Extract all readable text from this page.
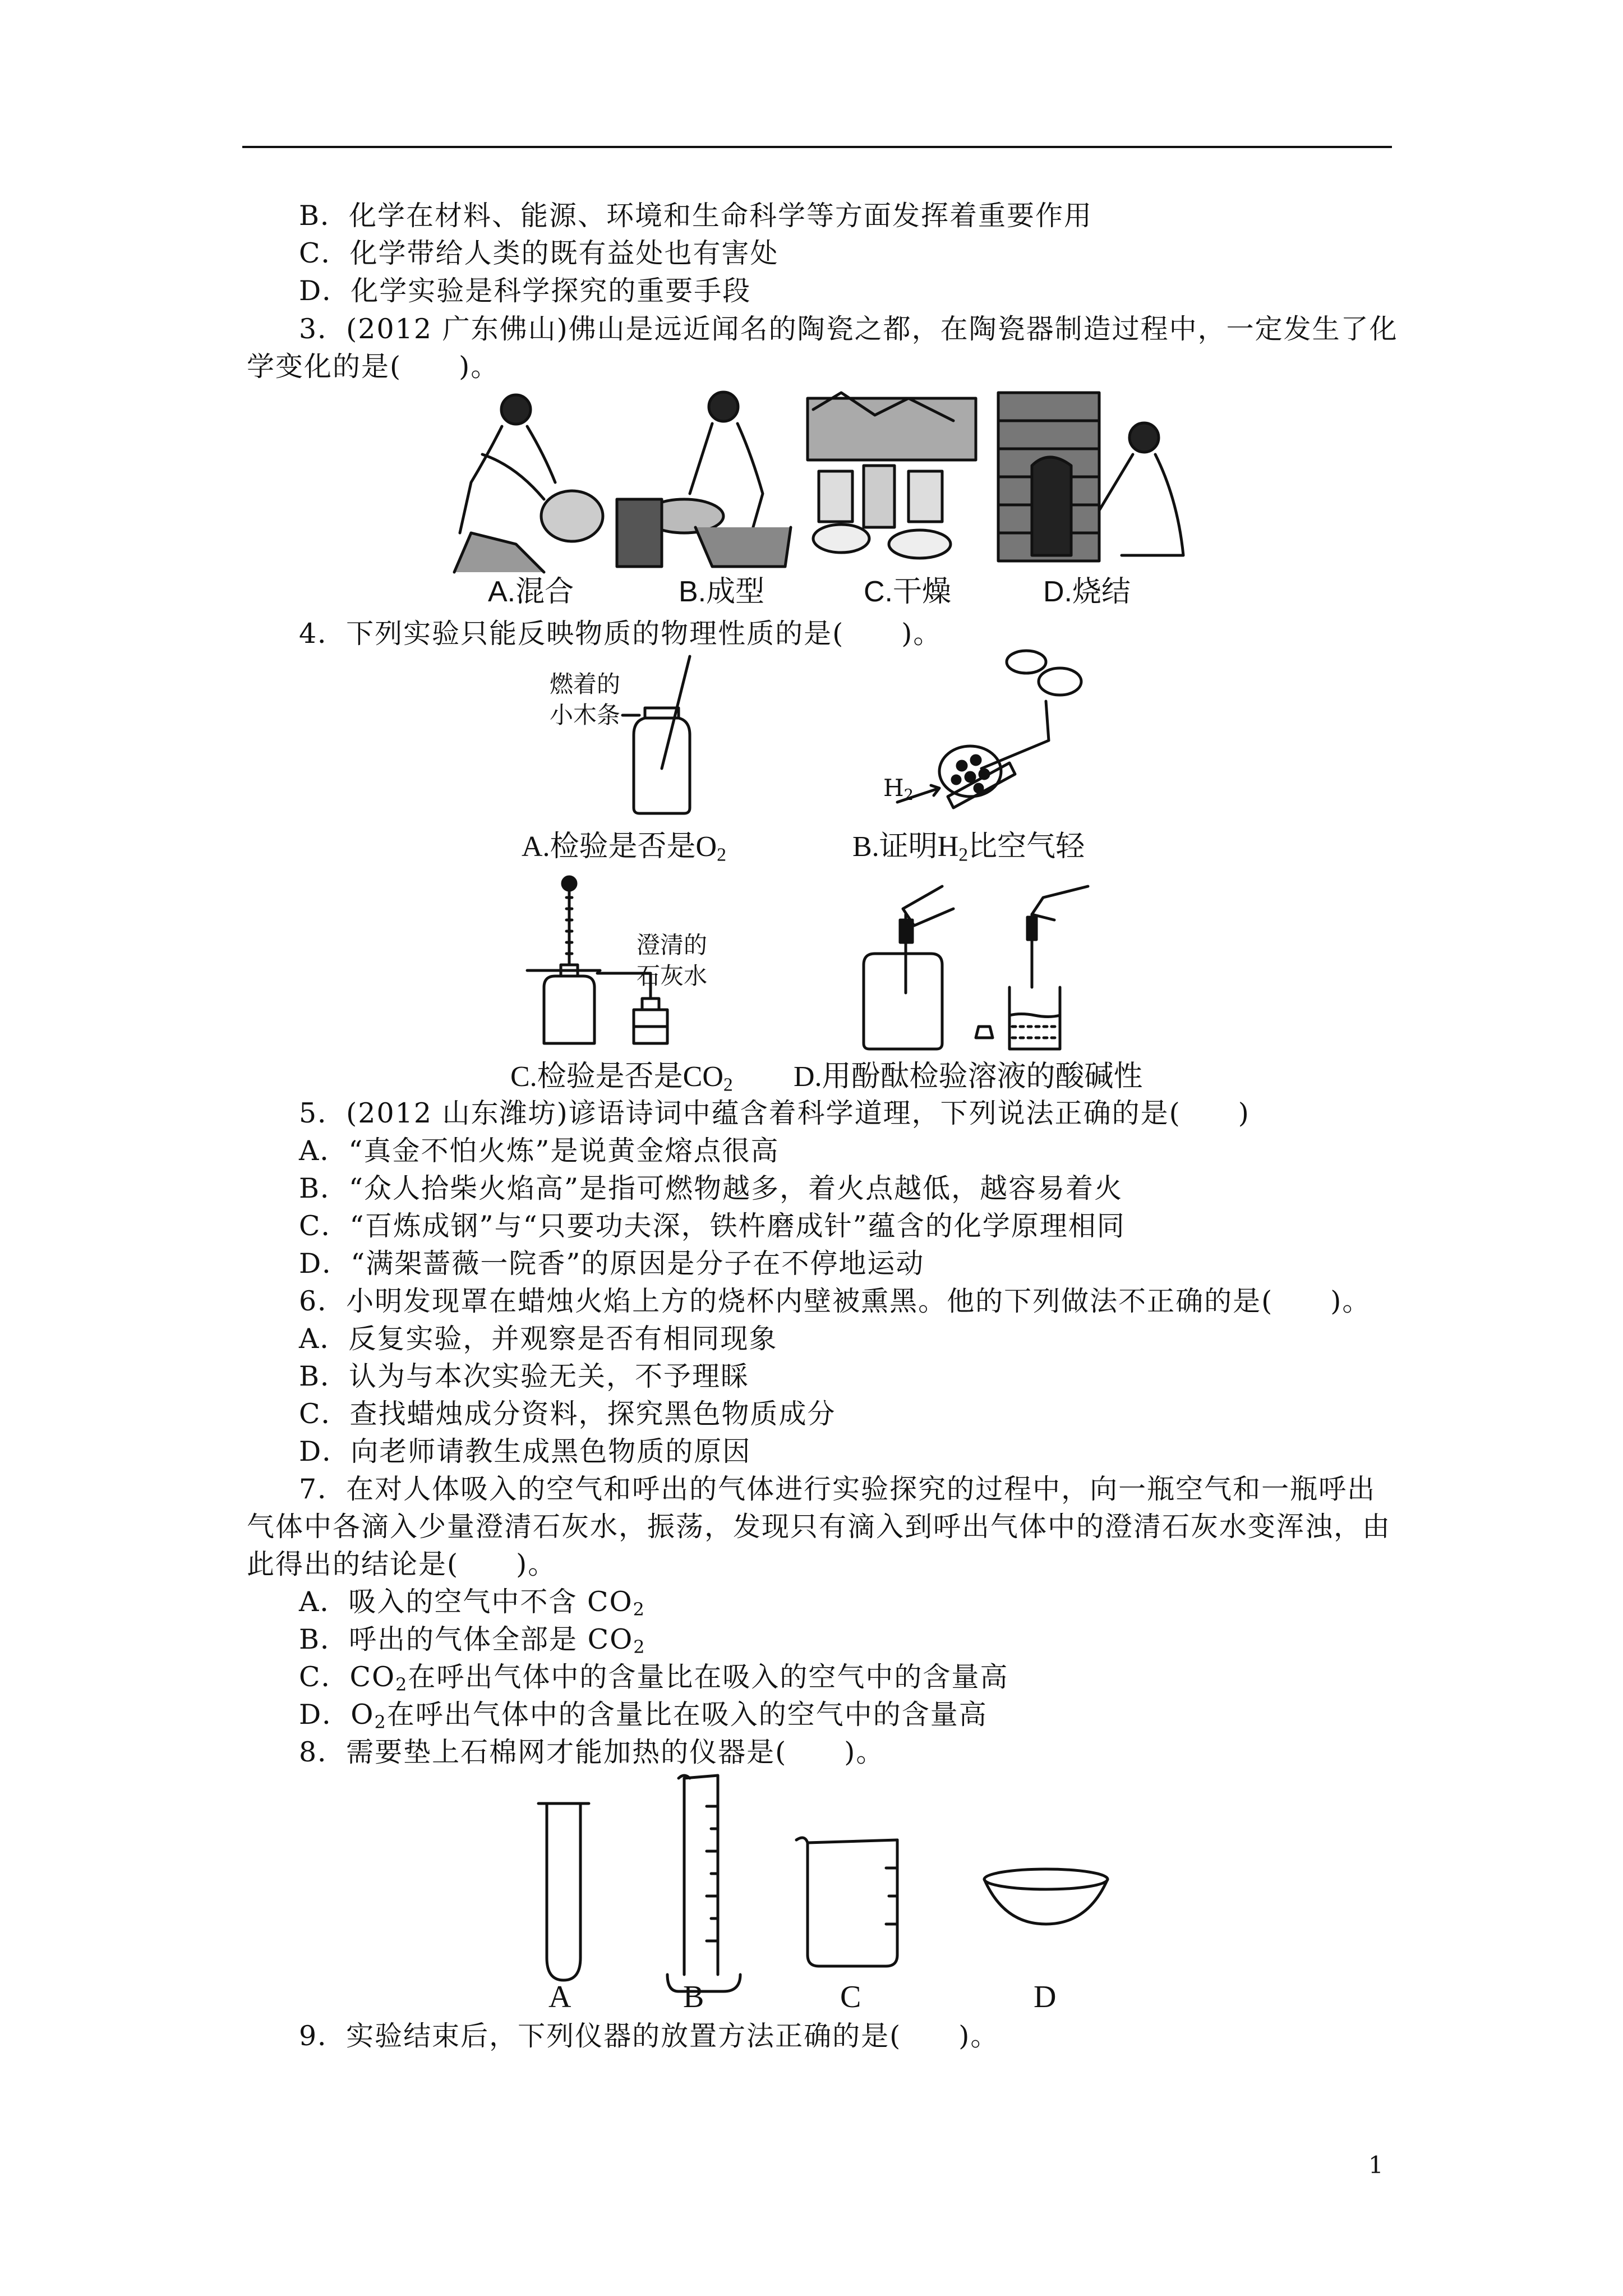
B．化学在材料、能源、环境和生命科学等方面发挥着重要作用
C．化学带给人类的既有益处也有害处
D．化学实验是科学探究的重要手段
3．(2012 广东佛山)佛山是远近闻名的陶瓷之都，在陶瓷器制造过程中，一定发生了化
学变化的是(　　)。
A.混合	B.成型	C.干燥	D.烧结
4．下列实验只能反映物质的物理性质的是(　　)。
燃着的
小木条
$H_2$
A.检验是否是$O_2$	B.证明$H_2$比空气轻
澄清的
石灰水
C.检验是否是$CO_2$ D.用酚酞检验溶液的酸碱性
5．(2012 山东潍坊)谚语诗词中蕴含着科学道理，下列说法正确的是(　　)
A．“真金不怕火炼”是说黄金熔点很高
B．“众人拾柴火焰高”是指可燃物越多，着火点越低，越容易着火
C．“百炼成钢”与“只要功夫深，铁杵磨成针”蕴含的化学原理相同
D．“满架蔷薇一院香”的原因是分子在不停地运动
6．小明发现罩在蜡烛火焰上方的烧杯内壁被熏黑。他的下列做法不正确的是(　　)。
A．反复实验，并观察是否有相同现象
B．认为与本次实验无关，不予理睬
C．查找蜡烛成分资料，探究黑色物质成分
D．向老师请教生成黑色物质的原因
7．在对人体吸入的空气和呼出的气体进行实验探究的过程中，向一瓶空气和一瓶呼出
气体中各滴入少量澄清石灰水，振荡，发现只有滴入到呼出气体中的澄清石灰水变浑浊，由
此得出的结论是(　　)。
A．吸入的空气中不含 $CO_2$
B．呼出的气体全部是 $CO_2$
C．$CO_2$在呼出气体中的含量比在吸入的空气中的含量高
D．$O_2$在呼出气体中的含量比在吸入的空气中的含量高
8．需要垫上石棉网才能加热的仪器是(　　)。
A	B	C	D
9．实验结束后，下列仪器的放置方法正确的是(　　)。
1
